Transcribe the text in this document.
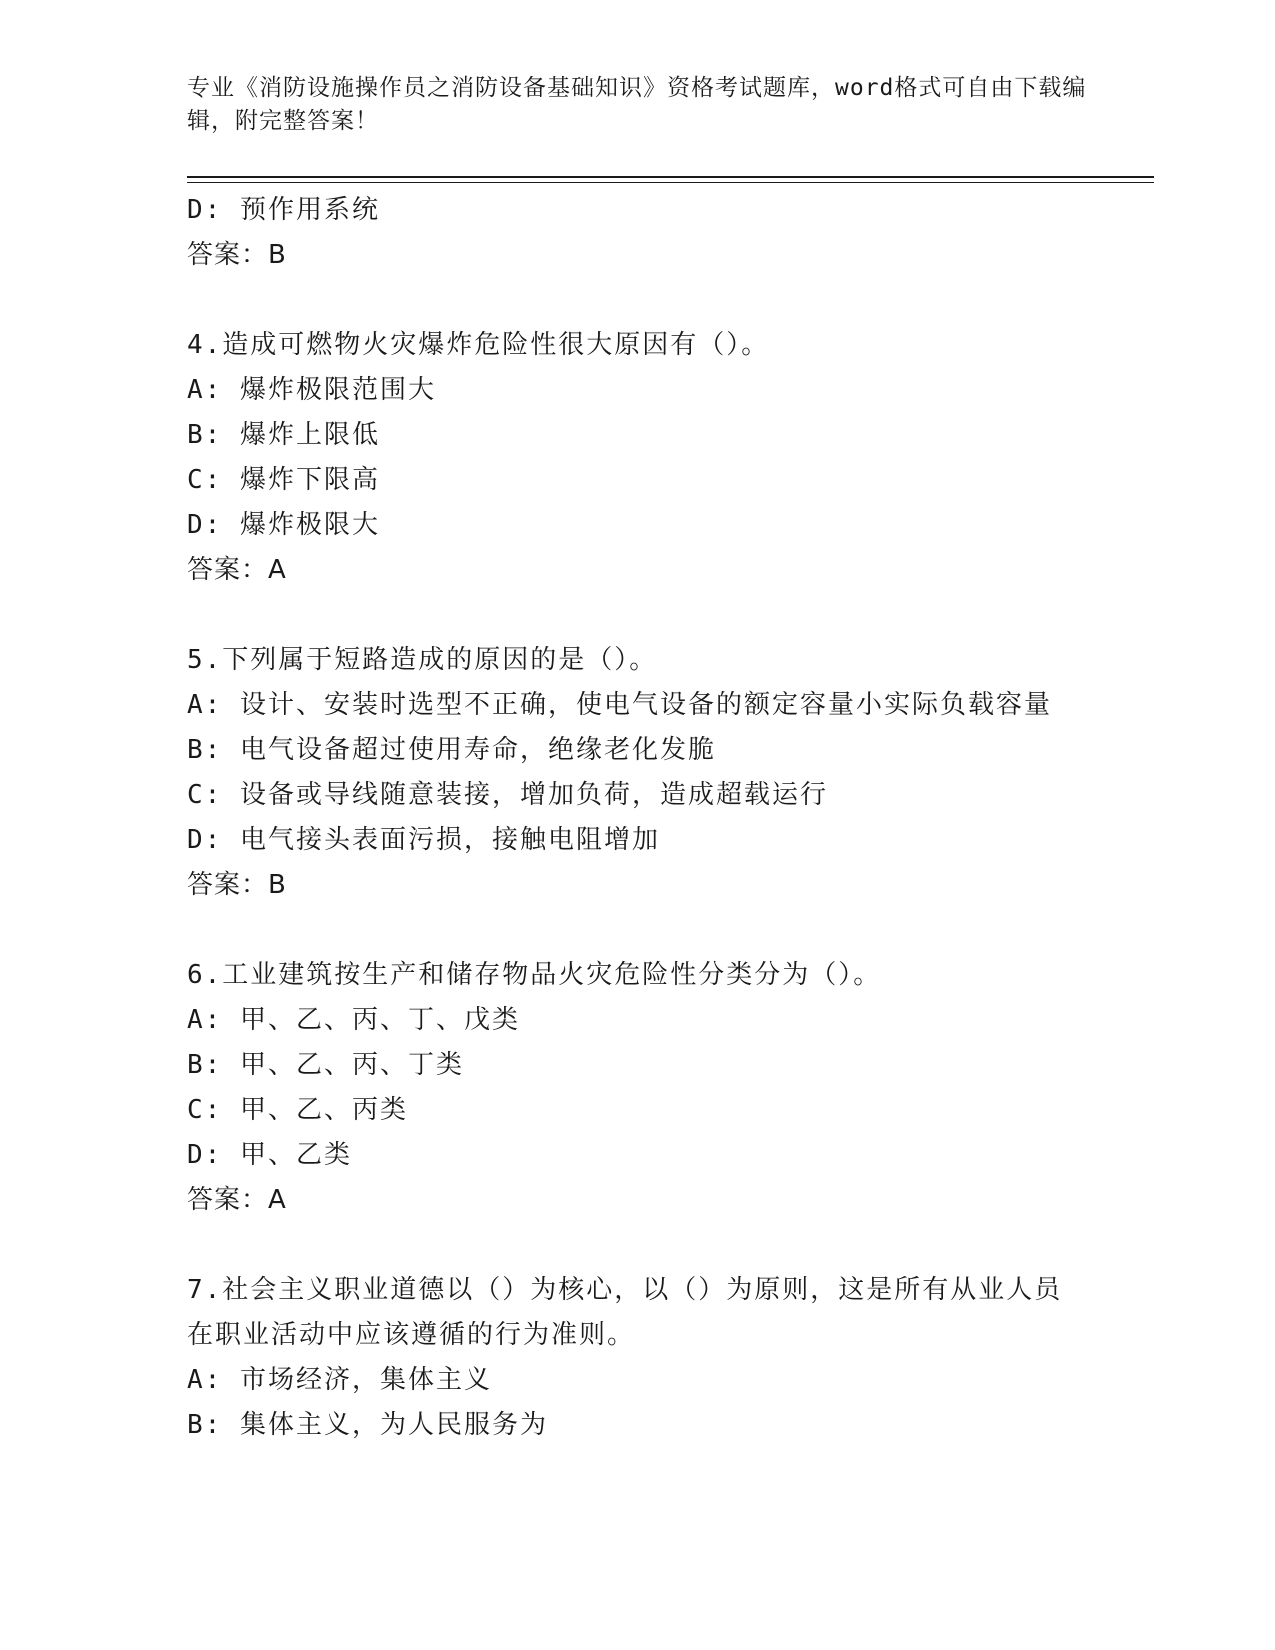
专业《消防设施操作员之消防设备基础知识》资格考试题库，word格式可自由下载编辑，附完整答案！
D: 预作用系统
答案：B
4.造成可燃物火灾爆炸危险性很大原因有（）。
A: 爆炸极限范围大
B: 爆炸上限低
C: 爆炸下限高
D: 爆炸极限大
答案：A
5.下列属于短路造成的原因的是（）。
A: 设计、安装时选型不正确，使电气设备的额定容量小实际负载容量
B: 电气设备超过使用寿命，绝缘老化发脆
C: 设备或导线随意装接，增加负荷，造成超载运行
D: 电气接头表面污损，接触电阻增加
答案：B
6.工业建筑按生产和储存物品火灾危险性分类分为（）。
A: 甲、乙、丙、丁、戊类
B: 甲、乙、丙、丁类
C: 甲、乙、丙类
D: 甲、乙类
答案：A
7.社会主义职业道德以（）为核心，以（）为原则，这是所有从业人员在职业活动中应该遵循的行为准则。
A: 市场经济，集体主义
B: 集体主义，为人民服务为
